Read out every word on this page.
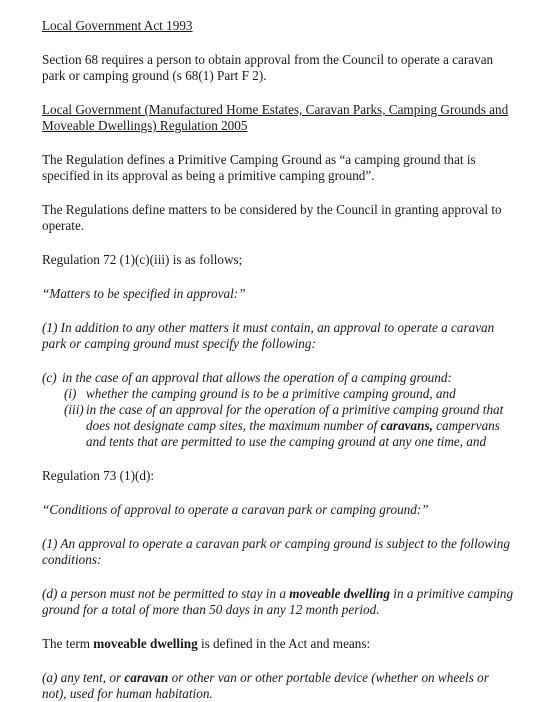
Local Government Act 1993

Section 68 requires a person to obtain approval from the Council to operate a caravan park or camping ground (s 68(1) Part F 2).

Local Government (Manufactured Home Estates, Caravan Parks, Camping Grounds and Moveable Dwellings) Regulation 2005

The Regulation defines a Primitive Camping Ground as “a camping ground that is specified in its approval as being a primitive camping ground”.

The Regulations define matters to be considered by the Council in granting approval to operate.

Regulation 72 (1)(c)(iii) is as follows;

“Matters to be specified in approval:”

(1) In addition to any other matters it must contain, an approval to operate a caravan park or camping ground must specify the following:

(c) in the case of an approval that allows the operation of a camping ground:
(i) whether the camping ground is to be a primitive camping ground, and
(iii) in the case of an approval for the operation of a primitive camping ground that does not designate camp sites, the maximum number of caravans, campervans and tents that are permitted to use the camping ground at any one time, and

Regulation 73 (1)(d):

“Conditions of approval to operate a caravan park or camping ground:”

(1) An approval to operate a caravan park or camping ground is subject to the following conditions:

(d) a person must not be permitted to stay in a moveable dwelling in a primitive camping ground for a total of more than 50 days in any 12 month period.

The term moveable dwelling is defined in the Act and means:

(a) any tent, or caravan or other van or other portable device (whether on wheels or not), used for human habitation.
